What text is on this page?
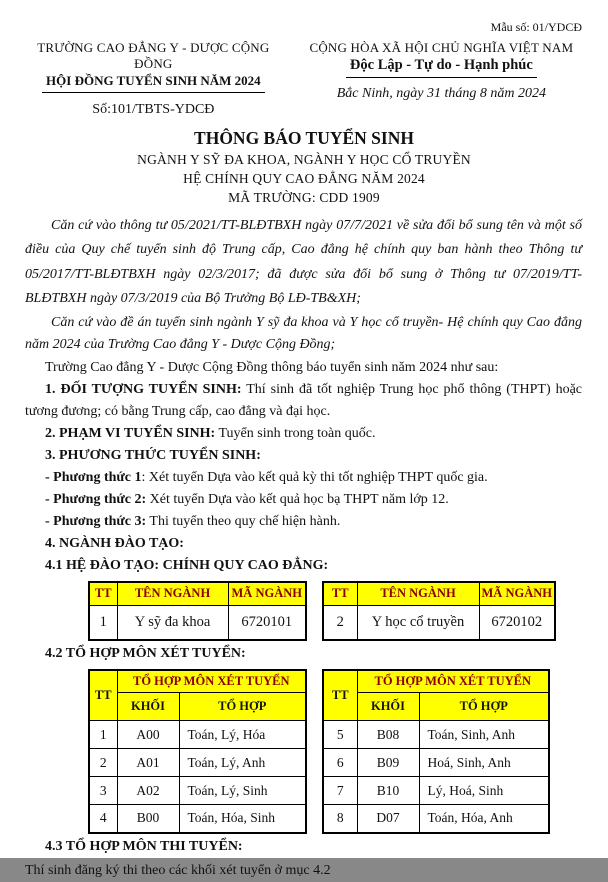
Mẫu số: 01/YDCĐ
TRƯỜNG CAO ĐẲNG Y - DƯỢC CỘNG ĐỒNG
HỘI ĐỒNG TUYỂN SINH NĂM 2024
Số:101/TBTS-YDCĐ
CỘNG HÒA XÃ HỘI CHỦ NGHĨA VIỆT NAM
Độc Lập - Tự do - Hạnh phúc
Bắc Ninh, ngày 31 tháng 8 năm 2024
THÔNG BÁO TUYỂN SINH
NGÀNH Y SỸ ĐA KHOA, NGÀNH Y HỌC CỔ TRUYỀN
HỆ CHÍNH QUY CAO ĐẲNG NĂM 2024
MÃ TRƯỜNG: CDD 1909

Căn cứ vào thông tư 05/2021/TT-BLĐTBXH ngày 07/7/2021 về sửa đổi bổ sung tên và một số điều của Quy chế tuyển sinh độ Trung cấp, Cao đẳng hệ chính quy ban hành theo Thông tư 05/2017/TT-BLĐTBXH ngày 02/3/2017; đã được sửa đổi bổ sung ở Thông tư 07/2019/TT-BLĐTBXH ngày 07/3/2019 của Bộ Trưởng Bộ LĐ-TB&XH;

Căn cứ vào đề án tuyển sinh ngành Y sỹ đa khoa và Y học cổ truyền- Hệ chính quy Cao đẳng năm 2024 của Trường Cao đẳng Y - Dược Cộng Đồng;

Trường Cao đẳng Y - Dược Cộng Đồng thông báo tuyển sinh năm 2024 như sau:

1. ĐỐI TƯỢNG TUYỂN SINH: Thí sinh đã tốt nghiệp Trung học phổ thông (THPT) hoặc tương đương; có bằng Trung cấp, cao đẳng và đại học.

2. PHẠM VI TUYỂN SINH: Tuyển sinh trong toàn quốc.

3. PHƯƠNG THỨC TUYỂN SINH:

- Phương thức 1: Xét tuyển Dựa vào kết quả kỳ thi tốt nghiệp THPT quốc gia.

- Phương thức 2: Xét tuyển Dựa vào kết quả học bạ THPT năm lớp 12.

- Phương thức 3: Thi tuyển theo quy chế hiện hành.

4. NGÀNH ĐÀO TẠO:

4.1 HỆ ĐÀO TẠO: CHÍNH QUY CAO ĐẲNG:

TT	TÊN NGÀNH	MÃ NGÀNH
1	Y sỹ đa khoa	6720101
TT	TÊN NGÀNH	MÃ NGÀNH
2	Y học cổ truyền	6720102

4.2 TỔ HỢP MÔN XÉT TUYỂN:

TT	TỔ HỢP MÔN XÉT TUYỂN	
	KHỐI	TỔ HỢP
1	A00	Toán, Lý, Hóa
2	A01	Toán, Lý, Anh
3	A02	Toán, Lý, Sinh
4	B00	Toán, Hóa, Sinh
TT	TỔ HỢP MÔN XÉT TUYỂN	
	KHỐI	TỔ HỢP
5	B08	Toán, Sinh, Anh
6	B09	Hoá, Sinh, Anh
7	B10	Lý, Hoá, Sinh
8	D07	Toán, Hóa, Anh

4.3 TỔ HỢP MÔN THI TUYỂN:

Thí sinh đăng ký thi theo các khối xét tuyển ở mục 4.2
